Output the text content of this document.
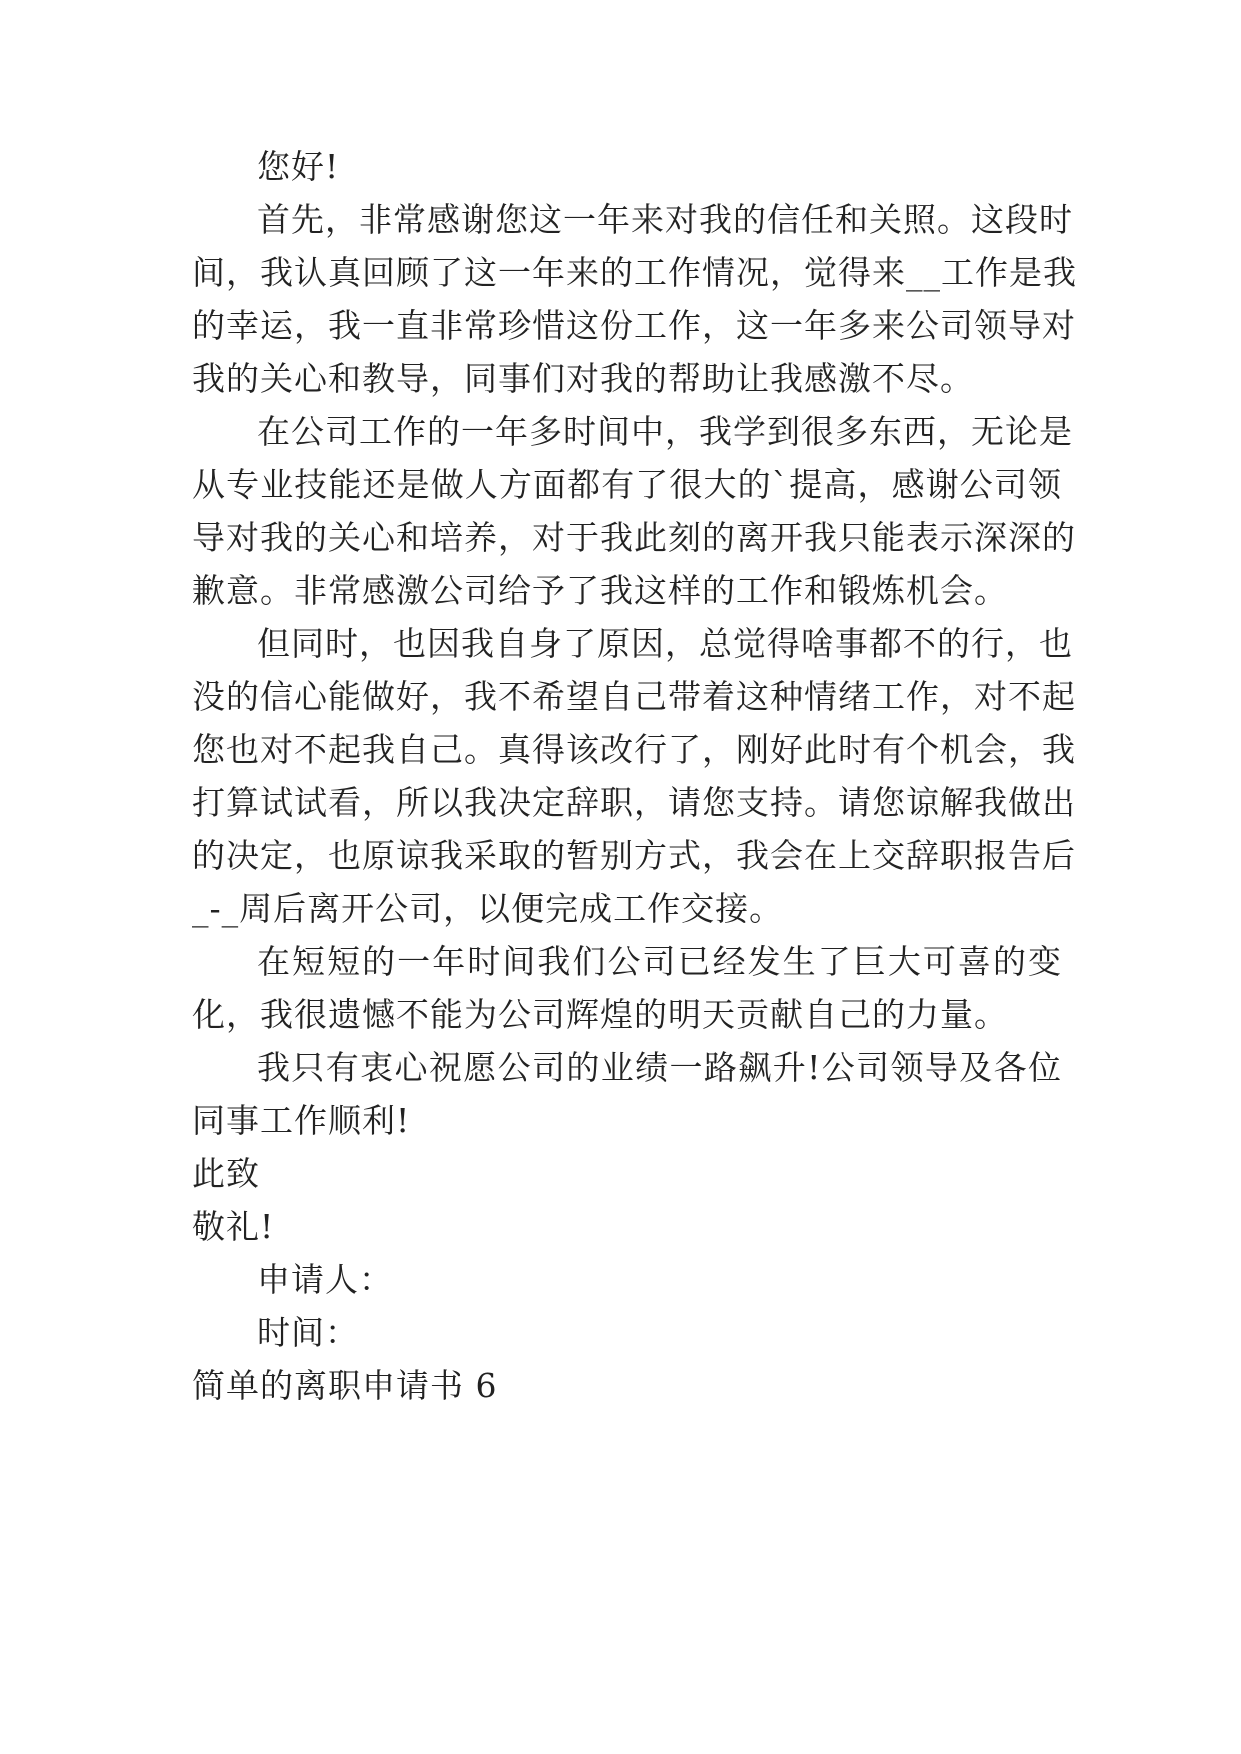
您好!
首先，非常感谢您这一年来对我的信任和关照。这段时
间，我认真回顾了这一年来的工作情况，觉得来__工作是我
的幸运，我一直非常珍惜这份工作，这一年多来公司领导对
我的关心和教导，同事们对我的帮助让我感激不尽。
在公司工作的一年多时间中，我学到很多东西，无论是
从专业技能还是做人方面都有了很大的`提高，感谢公司领
导对我的关心和培养，对于我此刻的离开我只能表示深深的
歉意。非常感激公司给予了我这样的工作和锻炼机会。
但同时，也因我自身了原因，总觉得啥事都不的行，也
没的信心能做好，我不希望自己带着这种情绪工作，对不起
您也对不起我自己。真得该改行了，刚好此时有个机会，我
打算试试看，所以我决定辞职，请您支持。请您谅解我做出
的决定，也原谅我采取的暂别方式，我会在上交辞职报告后
_-_周后离开公司，以便完成工作交接。
在短短的一年时间我们公司已经发生了巨大可喜的变
化，我很遗憾不能为公司辉煌的明天贡献自己的力量。
我只有衷心祝愿公司的业绩一路飙升!公司领导及各位
同事工作顺利!
此致
敬礼!
申请人：
时间：
简单的离职申请书 6
